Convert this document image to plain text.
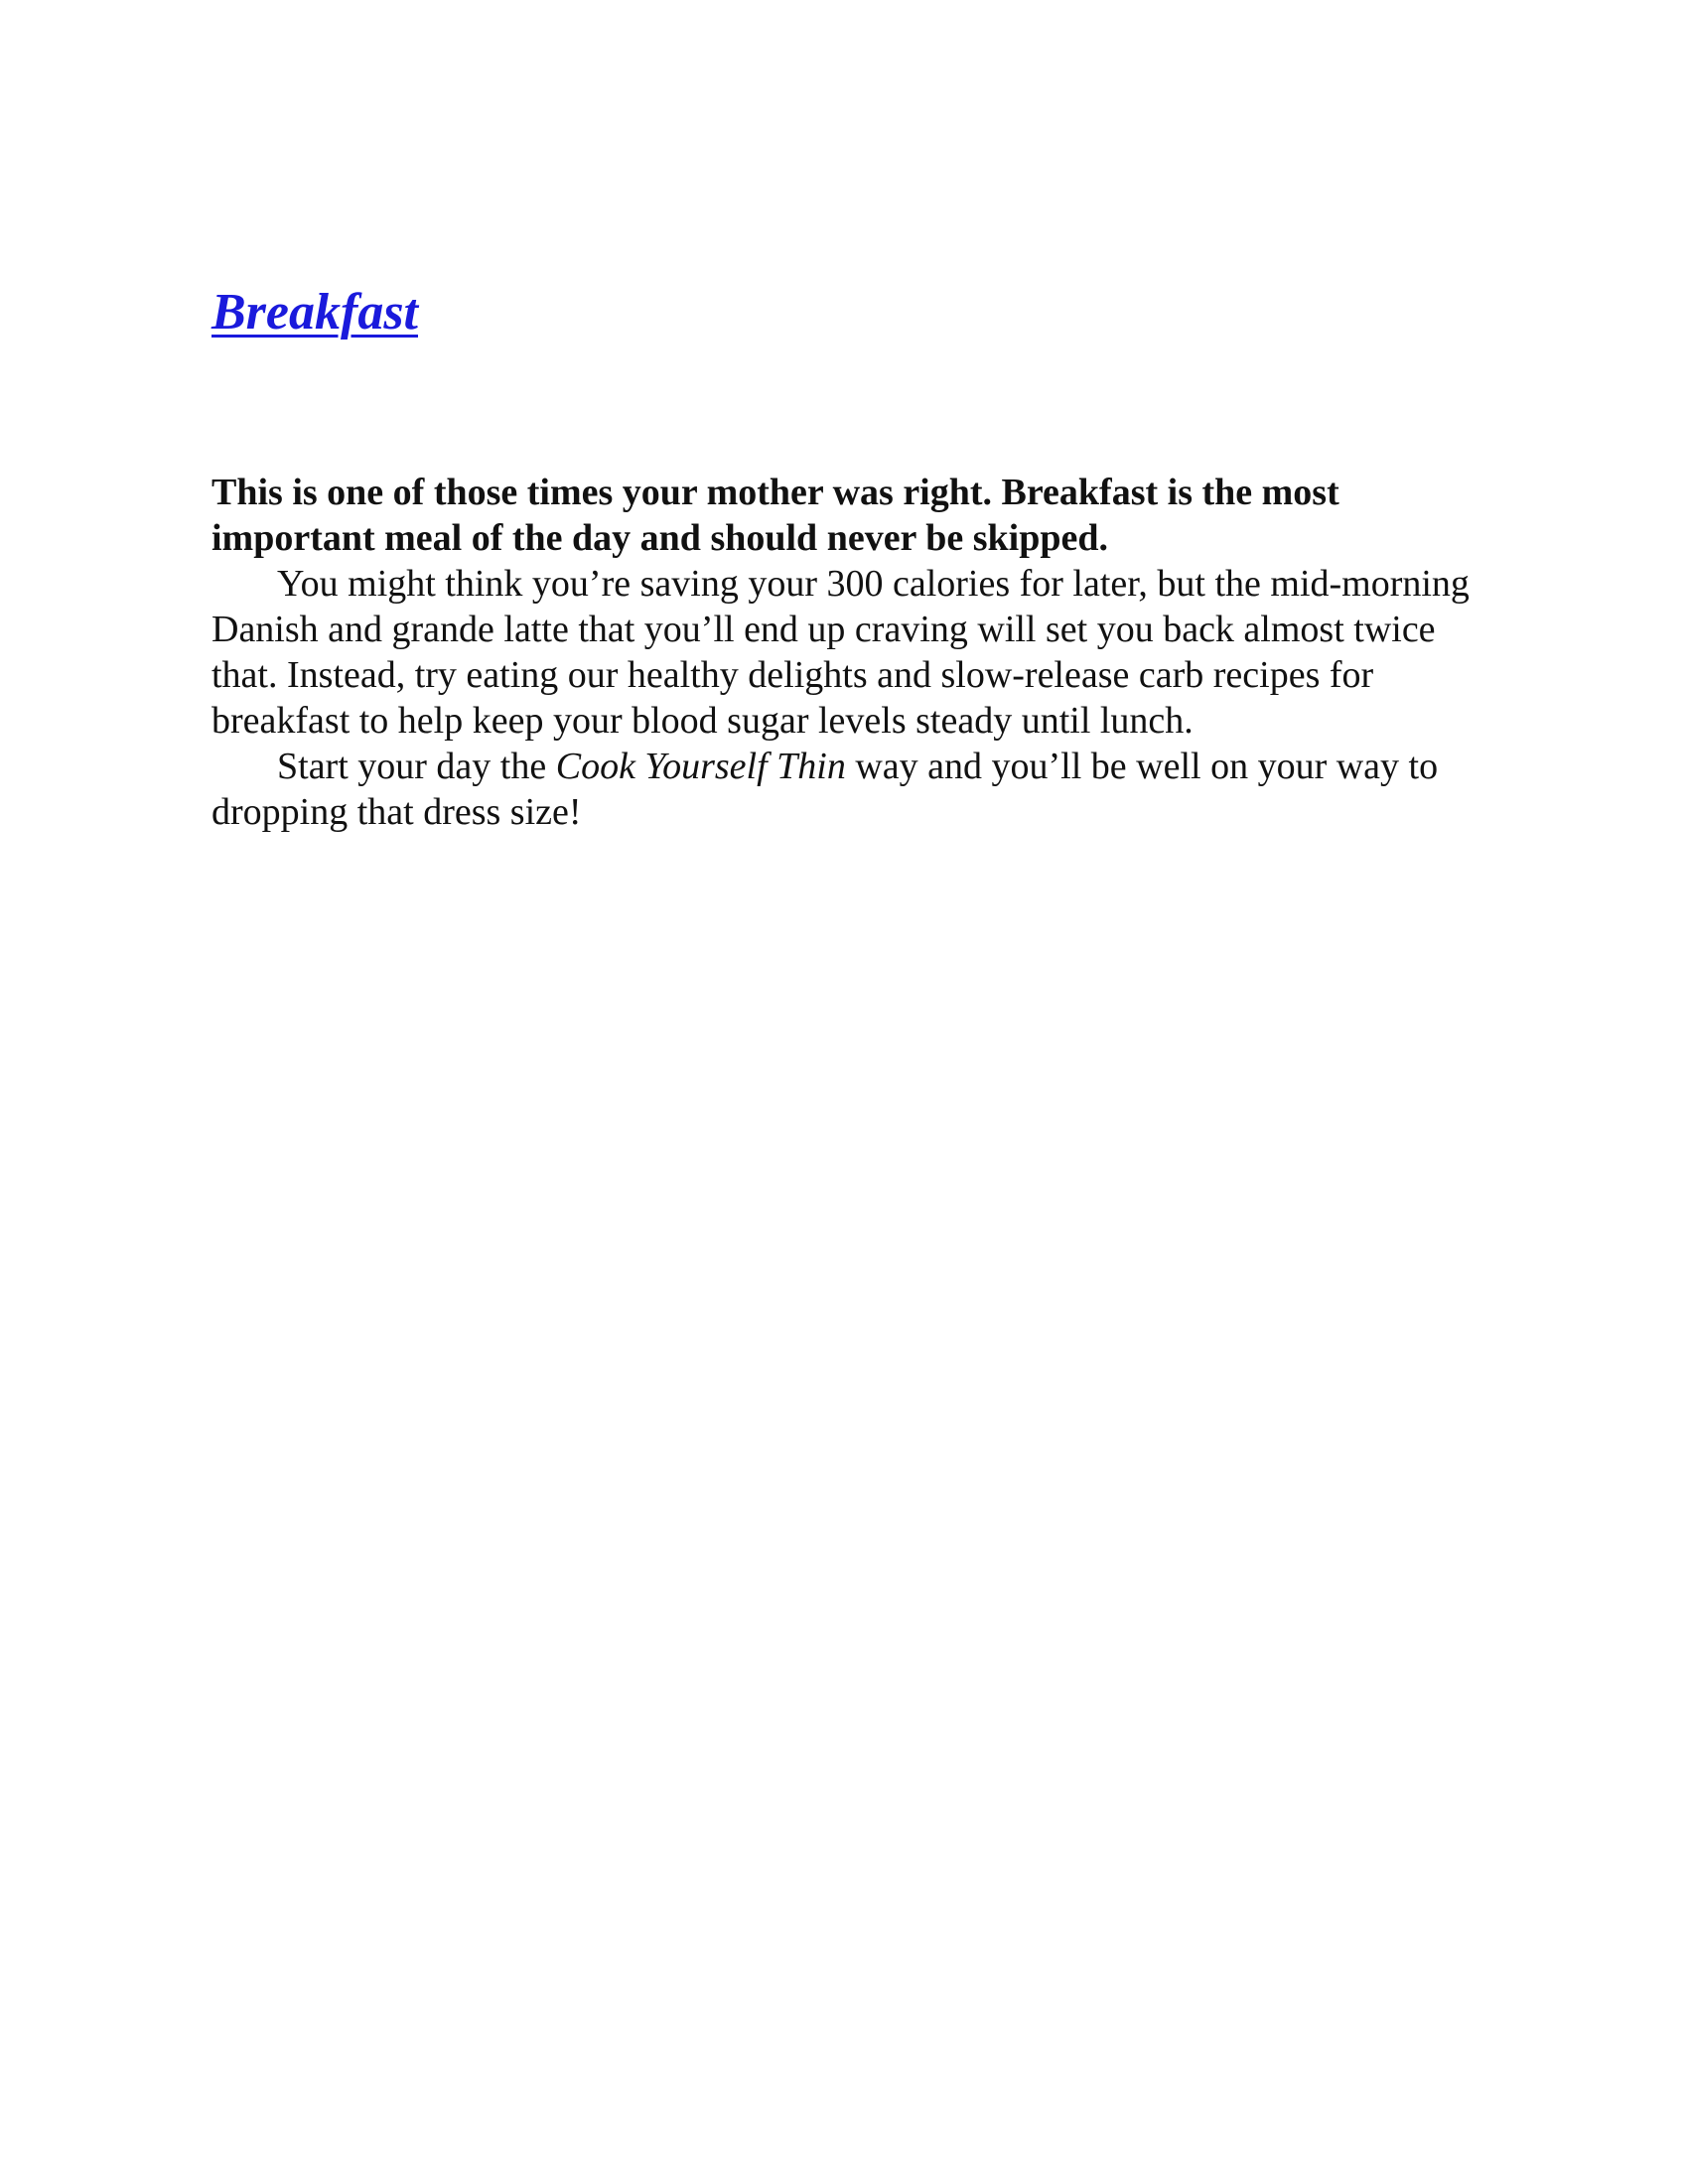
Breakfast

This is one of those times your mother was right. Breakfast is the most important meal of the day and should never be skipped.

You might think you’re saving your 300 calories for later, but the mid-morning Danish and grande latte that you’ll end up craving will set you back almost twice that. Instead, try eating our healthy delights and slow-release carb recipes for breakfast to help keep your blood sugar levels steady until lunch.

Start your day the Cook Yourself Thin way and you’ll be well on your way to dropping that dress size!
